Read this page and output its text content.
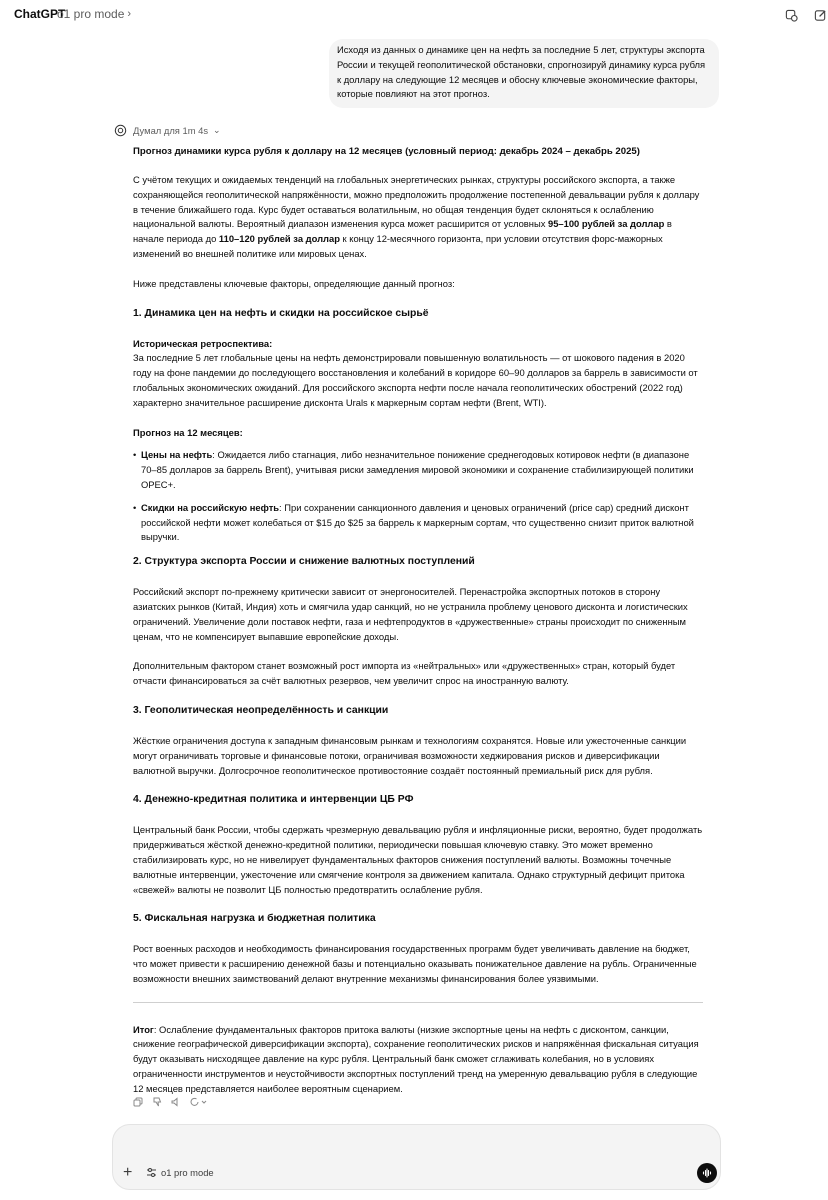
ChatGPT
o1 pro mode ›
Исходя из данных о динамике цен на нефть за последние 5 лет, структуры экспорта России и текущей геополитической обстановки, спрогнозируй динамику курса рубля к доллару на следующие 12 месяцев и обосну ключевые экономические факторы, которые повлияют на этот прогноз.
Думал для 1m 4s ⌄
Прогноз динамики курса рубля к доллару на 12 месяцев (условный период: декабрь 2024 – декабрь 2025)

С учётом текущих и ожидаемых тенденций на глобальных энергетических рынках, структуры российского экспорта, а также сохраняющейся геополитической напряжённости, можно предположить продолжение постепенной девальвации рубля к доллару в течение ближайшего года. Курс будет оставаться волатильным, но общая тенденция будет склоняться к ослаблению национальной валюты. Вероятный диапазон изменения курса может расширится от условных 95–100 рублей за доллар в начале периода до 110–120 рублей за доллар к концу 12-месячного горизонта, при условии отсутствия форс-мажорных изменений во внешней политике или мировых ценах.

Ниже представлены ключевые факторы, определяющие данный прогноз:

1. Динамика цен на нефть и скидки на российское сырьё

Историческая ретроспектива:

За последние 5 лет глобальные цены на нефть демонстрировали повышенную волатильность — от шокового падения в 2020 году на фоне пандемии до последующего восстановления и колебаний в коридоре 60–90 долларов за баррель в зависимости от глобальных экономических ожиданий. Для российского экспорта нефти после начала геополитических обострений (2022 год) характерно значительное расширение дисконта Urals к маркерным сортам нефти (Brent, WTI).

Прогноз на 12 месяцев:

• Цены на нефть: Ожидается либо стагнация, либо незначительное понижение среднегодовых котировок нефти (в диапазоне 70–85 долларов за баррель Brent), учитывая риски замедления мировой экономики и сохранение стабилизирующей политики OPEC+.
• Скидки на российскую нефть: При сохранении санкционного давления и ценовых ограничений (price cap) средний дисконт российской нефти может колебаться от $15 до $25 за баррель к маркерным сортам, что существенно снизит приток валютной выручки.
2. Структура экспорта России и снижение валютных поступлений

Российский экспорт по-прежнему критически зависит от энергоносителей. Перенастройка экспортных потоков в сторону азиатских рынков (Китай, Индия) хоть и смягчила удар санкций, но не устранила проблему ценового дисконта и логистических ограничений. Увеличение доли поставок нефти, газа и нефтепродуктов в «дружественные» страны происходит по сниженным ценам, что не компенсирует выпавшие европейские доходы.

Дополнительным фактором станет возможный рост импорта из «нейтральных» или «дружественных» стран, который будет отчасти финансироваться за счёт валютных резервов, чем увеличит спрос на иностранную валюту.

3. Геополитическая неопределённость и санкции

Жёсткие ограничения доступа к западным финансовым рынкам и технологиям сохранятся. Новые или ужесточенные санкции могут ограничивать торговые и финансовые потоки, ограничивая возможности хеджирования рисков и диверсификации валютной выручки. Долгосрочное геополитическое противостояние создаёт постоянный премиальный риск для рубля.

4. Денежно-кредитная политика и интервенции ЦБ РФ

Центральный банк России, чтобы сдержать чрезмерную девальвацию рубля и инфляционные риски, вероятно, будет продолжать придерживаться жёсткой денежно-кредитной политики, периодически повышая ключевую ставку. Это может временно стабилизировать курс, но не нивелирует фундаментальных факторов снижения поступлений валюты. Возможны точечные валютные интервенции, ужесточение или смягчение контроля за движением капитала. Однако структурный дефицит притока «свежей» валюты не позволит ЦБ полностью предотвратить ослабление рубля.

5. Фискальная нагрузка и бюджетная политика

Рост военных расходов и необходимость финансирования государственных программ будет увеличивать давление на бюджет, что может привести к расширению денежной базы и потенциально оказывать понижательное давление на рубль. Ограниченные возможности внешних заимствований делают внутренние механизмы финансирования более уязвимыми.

Итог: Ослабление фундаментальных факторов притока валюты (низкие экспортные цены на нефть с дисконтом, санкции, снижение географической диверсификации экспорта), сохранение геополитических рисков и напряжённая фискальная ситуация будут оказывать нисходящее давление на курс рубля. Центральный банк сможет сглаживать колебания, но в условиях ограниченности инструментов и неустойчивости экспортных поступлений тренд на умеренную девальвацию рубля в следующие 12 месяцев представляется наиболее вероятным сценарием.

+	o1 pro mode
